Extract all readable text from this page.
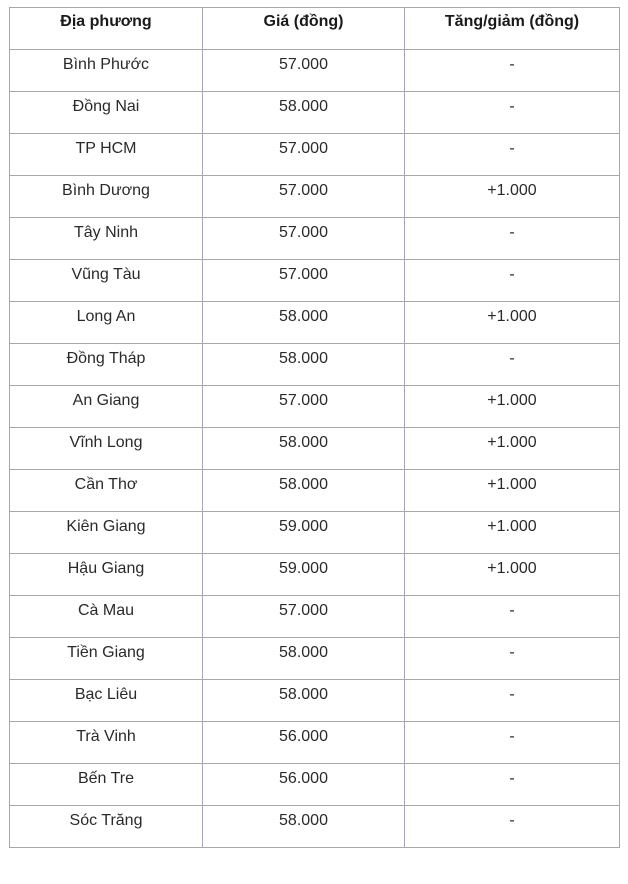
Địa phương	Giá (đồng)	Tăng/giảm (đồng)
Bình Phước	57.000	-
Đồng Nai	58.000	-
TP HCM	57.000	-
Bình Dương	57.000	+1.000
Tây Ninh	57.000	-
Vũng Tàu	57.000	-
Long An	58.000	+1.000
Đồng Tháp	58.000	-
An Giang	57.000	+1.000
Vĩnh Long	58.000	+1.000
Cần Thơ	58.000	+1.000
Kiên Giang	59.000	+1.000
Hậu Giang	59.000	+1.000
Cà Mau	57.000	-
Tiền Giang	58.000	-
Bạc Liêu	58.000	-
Trà Vinh	56.000	-
Bến Tre	56.000	-
Sóc Trăng	58.000	-
